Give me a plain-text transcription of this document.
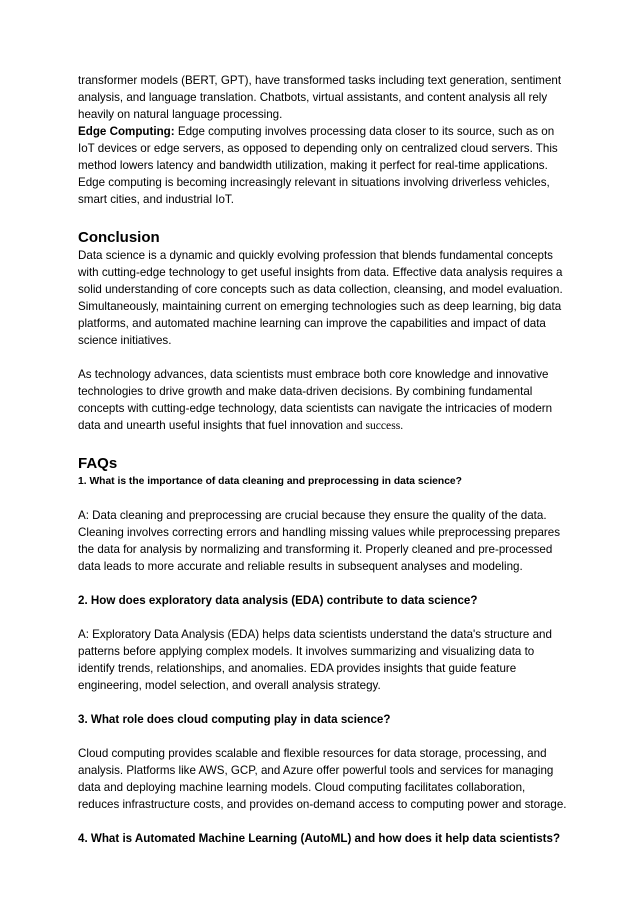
transformer models (BERT, GPT), have transformed tasks including text generation, sentiment analysis, and language translation. Chatbots, virtual assistants, and content analysis all rely heavily on natural language processing.

Edge Computing: Edge computing involves processing data closer to its source, such as on IoT devices or edge servers, as opposed to depending only on centralized cloud servers. This method lowers latency and bandwidth utilization, making it perfect for real-time applications. Edge computing is becoming increasingly relevant in situations involving driverless vehicles, smart cities, and industrial IoT.

Conclusion

Data science is a dynamic and quickly evolving profession that blends fundamental concepts with cutting-edge technology to get useful insights from data. Effective data analysis requires a solid understanding of core concepts such as data collection, cleansing, and model evaluation. Simultaneously, maintaining current on emerging technologies such as deep learning, big data platforms, and automated machine learning can improve the capabilities and impact of data science initiatives.

As technology advances, data scientists must embrace both core knowledge and innovative technologies to drive growth and make data-driven decisions. By combining fundamental concepts with cutting-edge technology, data scientists can navigate the intricacies of modern data and unearth useful insights that fuel innovation and success.

FAQs

1. What is the importance of data cleaning and preprocessing in data science?

A: Data cleaning and preprocessing are crucial because they ensure the quality of the data. Cleaning involves correcting errors and handling missing values while preprocessing prepares the data for analysis by normalizing and transforming it. Properly cleaned and pre-processed data leads to more accurate and reliable results in subsequent analyses and modeling.

2. How does exploratory data analysis (EDA) contribute to data science?

A: Exploratory Data Analysis (EDA) helps data scientists understand the data's structure and patterns before applying complex models. It involves summarizing and visualizing data to identify trends, relationships, and anomalies. EDA provides insights that guide feature engineering, model selection, and overall analysis strategy.

3. What role does cloud computing play in data science?

Cloud computing provides scalable and flexible resources for data storage, processing, and analysis. Platforms like AWS, GCP, and Azure offer powerful tools and services for managing data and deploying machine learning models. Cloud computing facilitates collaboration, reduces infrastructure costs, and provides on-demand access to computing power and storage.

4. What is Automated Machine Learning (AutoML) and how does it help data scientists?
